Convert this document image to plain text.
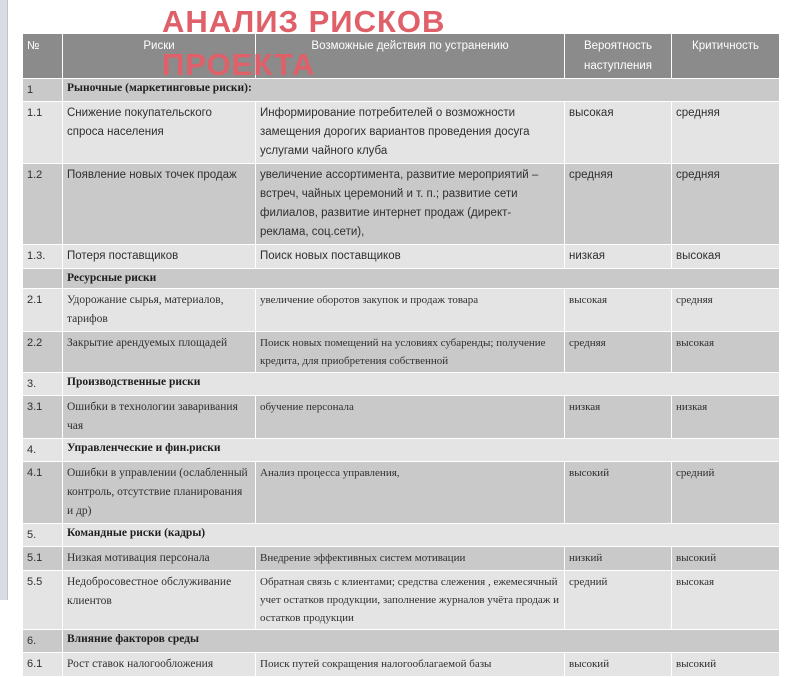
АНАЛИЗ РИСКОВ ПРОЕКТА
№	Риски	Возможные действия по устранению	Вероятность наступления	Критичность
1	Рыночные (маркетинговые риски):			
1.1	Снижение покупательского спроса населения	Информирование потребителей о возможности замещения дорогих вариантов проведения досуга услугами чайного клуба	высокая	средняя
1.2	Появление новых точек продаж	увеличение ассортимента, развитие мероприятий – встреч, чайных церемоний и т. п.; развитие сети филиалов, развитие интернет продаж (директ- реклама, соц.сети),	средняя	средняя
1.3.	Потеря поставщиков	Поиск новых поставщиков	низкая	высокая
	Ресурсные риски			
2.1	Удорожание сырья, материалов, тарифов	увеличение оборотов закупок и продаж товара	высокая	средняя
2.2	Закрытие арендуемых площадей	Поиск новых помещений на условиях субаренды; получение кредита, для приобретения собственной	средняя	высокая
3.	Производственные риски			
3.1	Ошибки в технологии заваривания чая	обучение персонала	низкая	низкая
4.	Управленческие и фин.риски			
4.1	Ошибки в управлении (ослабленный контроль, отсутствие планирования и др)	Анализ процесса управления,	высокий	средний
5.	Командные риски (кадры)			
5.1	Низкая мотивация персонала	Внедрение эффективных систем мотивации	низкий	высокий
5.5	Недобросовестное обслуживание клиентов	Обратная связь с клиентами; средства слежения , ежемесячный учет остатков продукции, заполнение журналов учёта продаж и остатков продукции	средний	высокая
6.	Влияние факторов среды			
6.1	Рост ставок налогообложения	Поиск путей сокращения налогооблагаемой базы	высокий	высокий
